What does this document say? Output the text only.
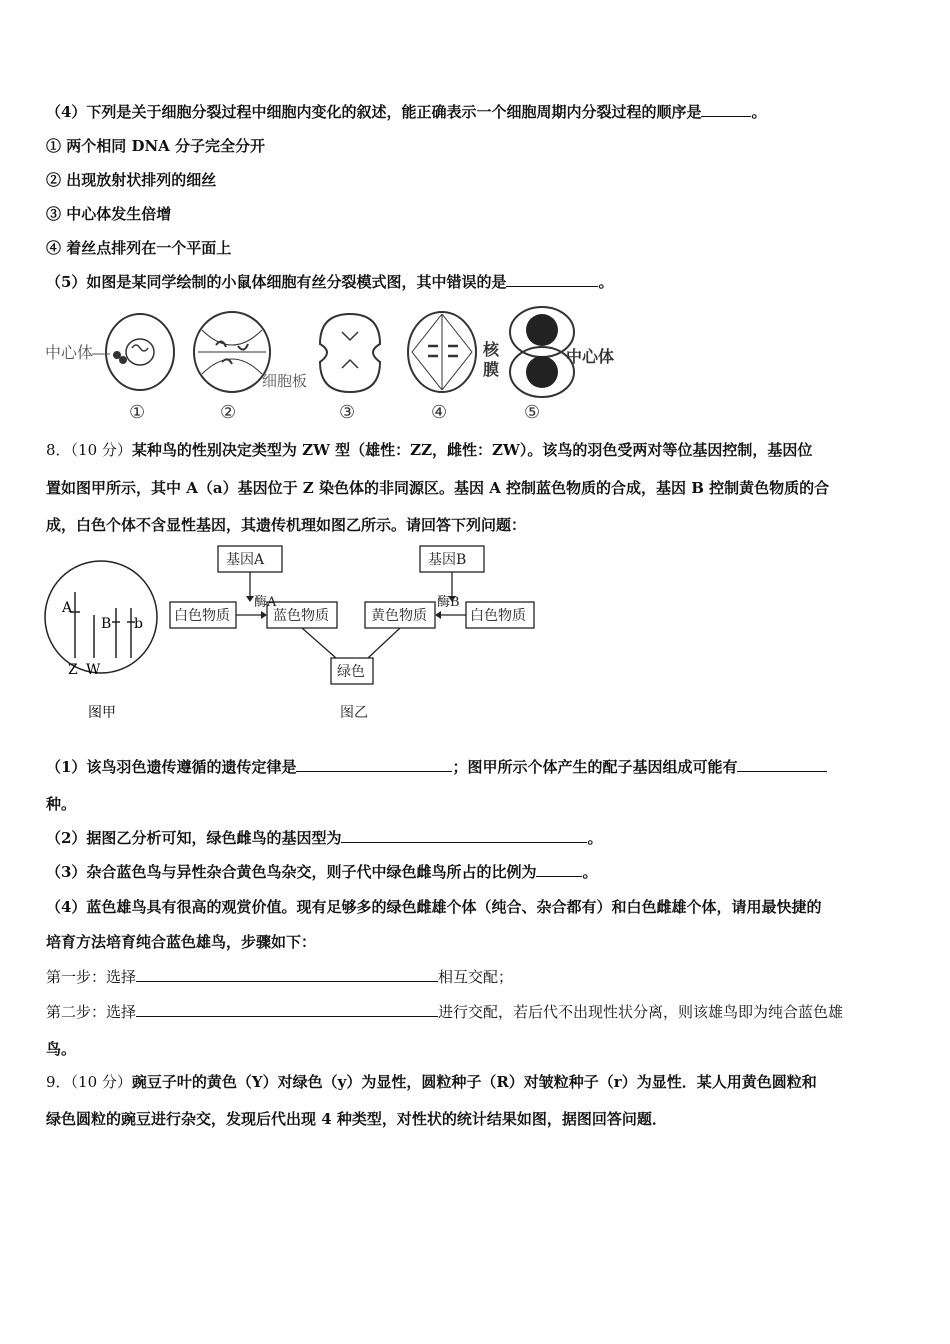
（4）下列是关于细胞分裂过程中细胞内变化的叙述，能正确表示一个细胞周期内分裂过程的顺序是	。
① 两个相同 DNA 分子完全分开
② 出现放射状排列的细丝
③ 中心体发生倍增
④ 着丝点排列在一个平面上
（5）如图是某同学绘制的小鼠体细胞有丝分裂模式图，其中错误的是	。
中心体
细胞板
核
膜
中心体
①	②	③	④	⑤
8．（10 分）某种鸟的性别决定类型为 ZW 型（雄性：ZZ，雌性：ZW）。该鸟的羽色受两对等位基因控制，基因位
置如图甲所示，其中 A（a）基因位于 Z 染色体的非同源区。基因 A 控制蓝色物质的合成，基因 B 控制黄色物质的合
成，白色个体不含显性基因，其遗传机理如图乙所示。请回答下列问题：
A
B b
Z W
图甲
基因A	基因B
酶A	酶B
白色物质	蓝色物质	黄色物质	白色物质
绿色
图乙
（1）该鸟羽色遗传遵循的遗传定律是	；图甲所示个体产生的配子基因组成可能有
种。
（2）据图乙分析可知，绿色雌鸟的基因型为	。
（3）杂合蓝色鸟与异性杂合黄色鸟杂交，则子代中绿色雌鸟所占的比例为	。
（4）蓝色雄鸟具有很高的观赏价值。现有足够多的绿色雌雄个体（纯合、杂合都有）和白色雌雄个体，请用最快捷的
培育方法培育纯合蓝色雄鸟，步骤如下：
第一步：选择	相互交配；
第二步：选择	进行交配，若后代不出现性状分离，则该雄鸟即为纯合蓝色雄
鸟。
9．（10 分）豌豆子叶的黄色（Y）对绿色（y）为显性，圆粒种子（R）对皱粒种子（r）为显性．某人用黄色圆粒和
绿色圆粒的豌豆进行杂交，发现后代出现 4 种类型，对性状的统计结果如图，据图回答问题．
